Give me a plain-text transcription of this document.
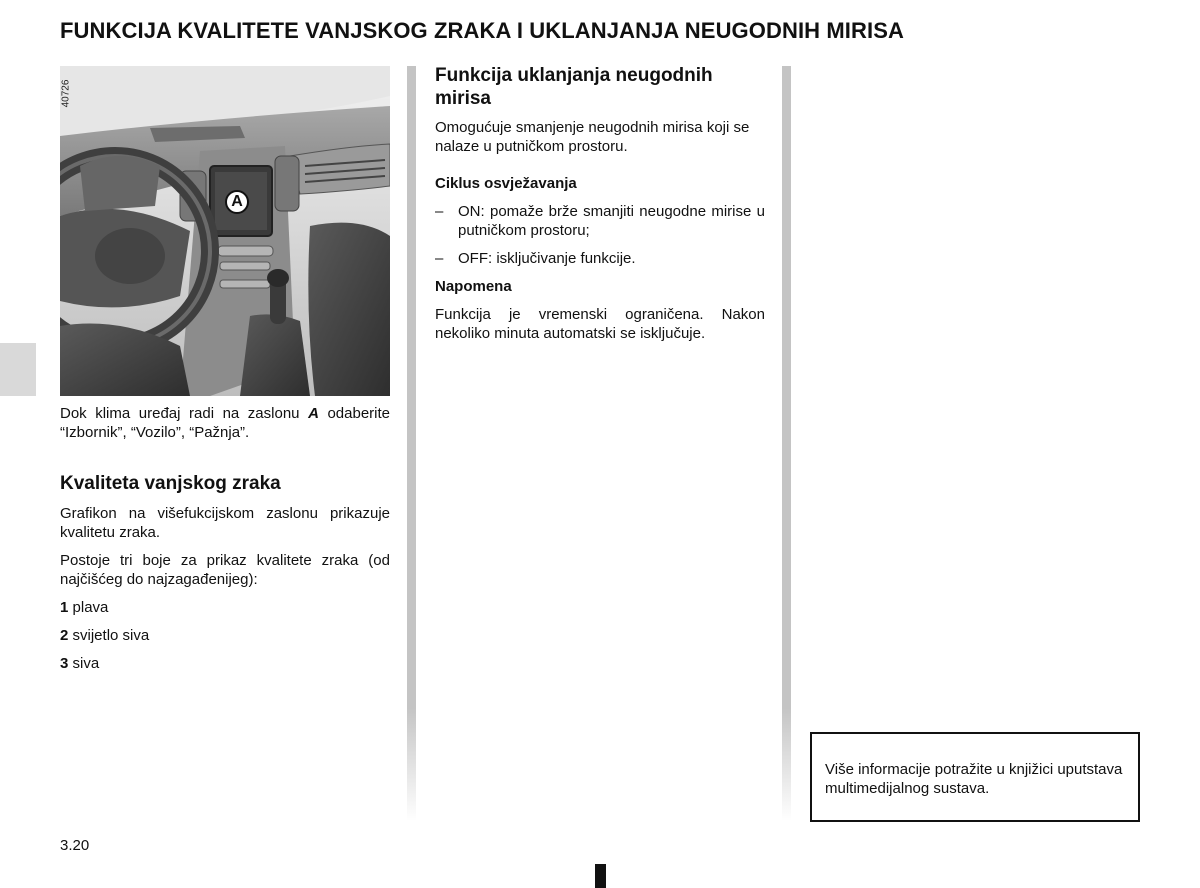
FUNKCIJA KVALITETE VANJSKOG ZRAKA I UKLANJANJA NEUGODNIH MIRISA
A
40726

Dok klima uređaj radi na zaslonu A odaberite “Izbornik”, “Vozilo”, “Pažnja”.

Kvaliteta vanjskog zraka

Grafikon na višefukcijskom zaslonu prikazuje kvalitetu zraka.

Postoje tri boje za prikaz kvalitete zraka (od najčišćeg do najzagađenijeg):

1 plava

2 svijetlo siva

3 siva

Funkcija uklanjanja neugodnih mirisa

Omogućuje smanjenje neugodnih mirisa koji se nalaze u putničkom prostoru.

Ciklus osvježavanja

– ON: pomaže brže smanjiti neugodne mirise u putničkom prostoru;

– OFF: isključivanje funkcije.

Napomena

Funkcija je vremenski ograničena. Nakon nekoliko minuta automatski se isključuje.

Više informacije potražite u knjižici uputstava multimedijalnog sustava.

3.20
